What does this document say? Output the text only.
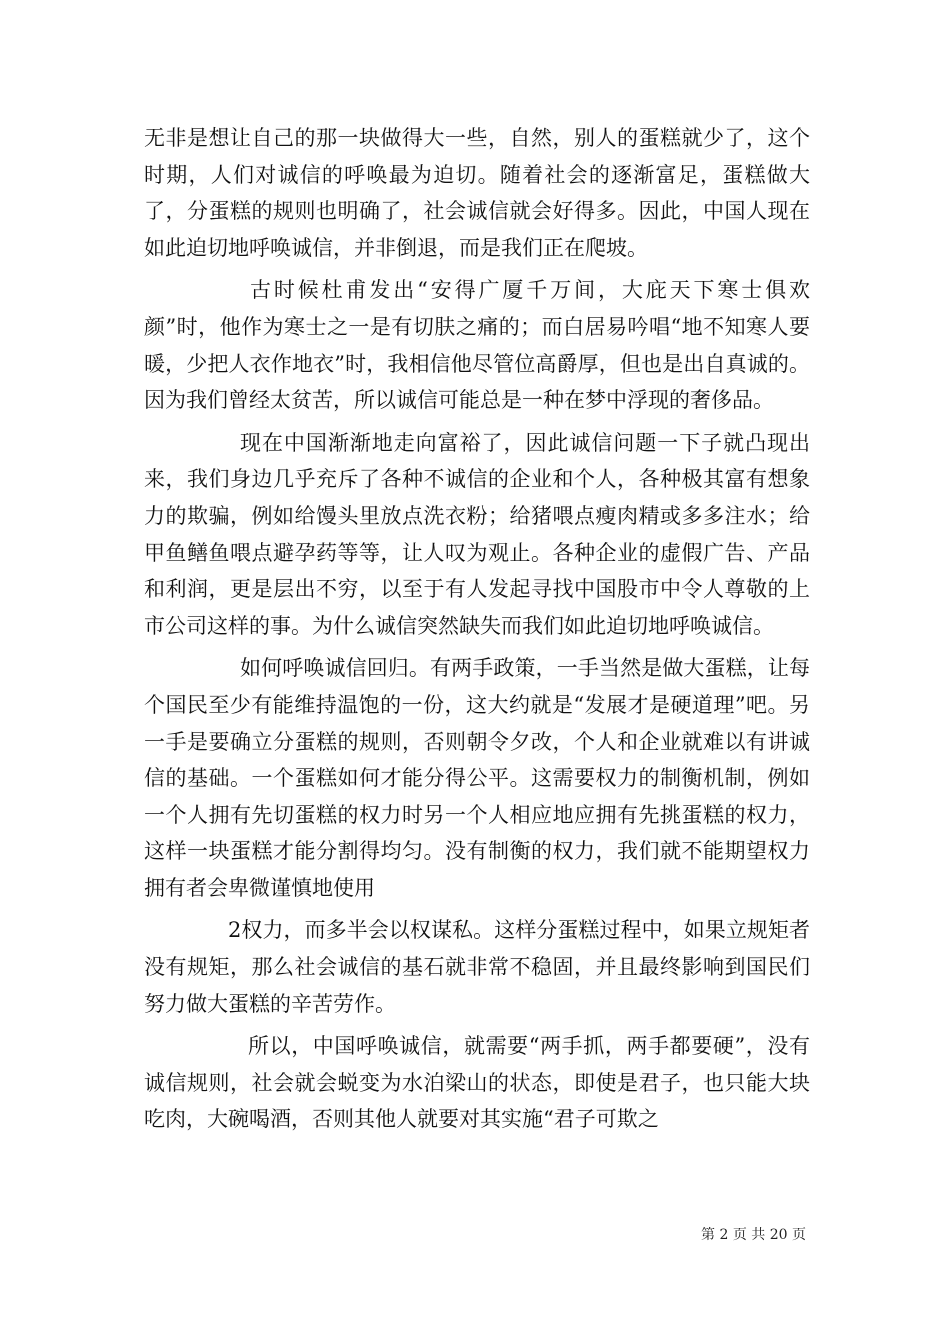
无非是想让自己的那一块做得大一些，自然，别人的蛋糕就少了，这个时期，人们对诚信的呼唤最为迫切。随着社会的逐渐富足，蛋糕做大了，分蛋糕的规则也明确了，社会诚信就会好得多。因此，中国人现在如此迫切地呼唤诚信，并非倒退，而是我们正在爬坡。

古时候杜甫发出“安得广厦千万间，大庇天下寒士俱欢颜”时，他作为寒士之一是有切肤之痛的；而白居易吟唱“地不知寒人要暖，少把人衣作地衣”时，我相信他尽管位高爵厚，但也是出自真诚的。因为我们曾经太贫苦，所以诚信可能总是一种在梦中浮现的奢侈品。

现在中国渐渐地走向富裕了，因此诚信问题一下子就凸现出来，我们身边几乎充斥了各种不诚信的企业和个人，各种极其富有想象力的欺骗，例如给馒头里放点洗衣粉；给猪喂点瘦肉精或多多注水；给甲鱼鳝鱼喂点避孕药等等，让人叹为观止。各种企业的虚假广告、产品和利润，更是层出不穷，以至于有人发起寻找中国股市中令人尊敬的上市公司这样的事。为什么诚信突然缺失而我们如此迫切地呼唤诚信。

如何呼唤诚信回归。有两手政策，一手当然是做大蛋糕，让每个国民至少有能维持温饱的一份，这大约就是“发展才是硬道理”吧。另一手是要确立分蛋糕的规则，否则朝令夕改，个人和企业就难以有讲诚信的基础。一个蛋糕如何才能分得公平。这需要权力的制衡机制，例如一个人拥有先切蛋糕的权力时另一个人相应地应拥有先挑蛋糕的权力，这样一块蛋糕才能分割得均匀。没有制衡的权力，我们就不能期望权力拥有者会卑微谨慎地使用

2权力，而多半会以权谋私。这样分蛋糕过程中，如果立规矩者没有规矩，那么社会诚信的基石就非常不稳固，并且最终影响到国民们努力做大蛋糕的辛苦劳作。

所以，中国呼唤诚信，就需要“两手抓，两手都要硬”，没有诚信规则，社会就会蜕变为水泊梁山的状态，即使是君子，也只能大块吃肉，大碗喝酒，否则其他人就要对其实施“君子可欺之

第 2 页 共 20 页
